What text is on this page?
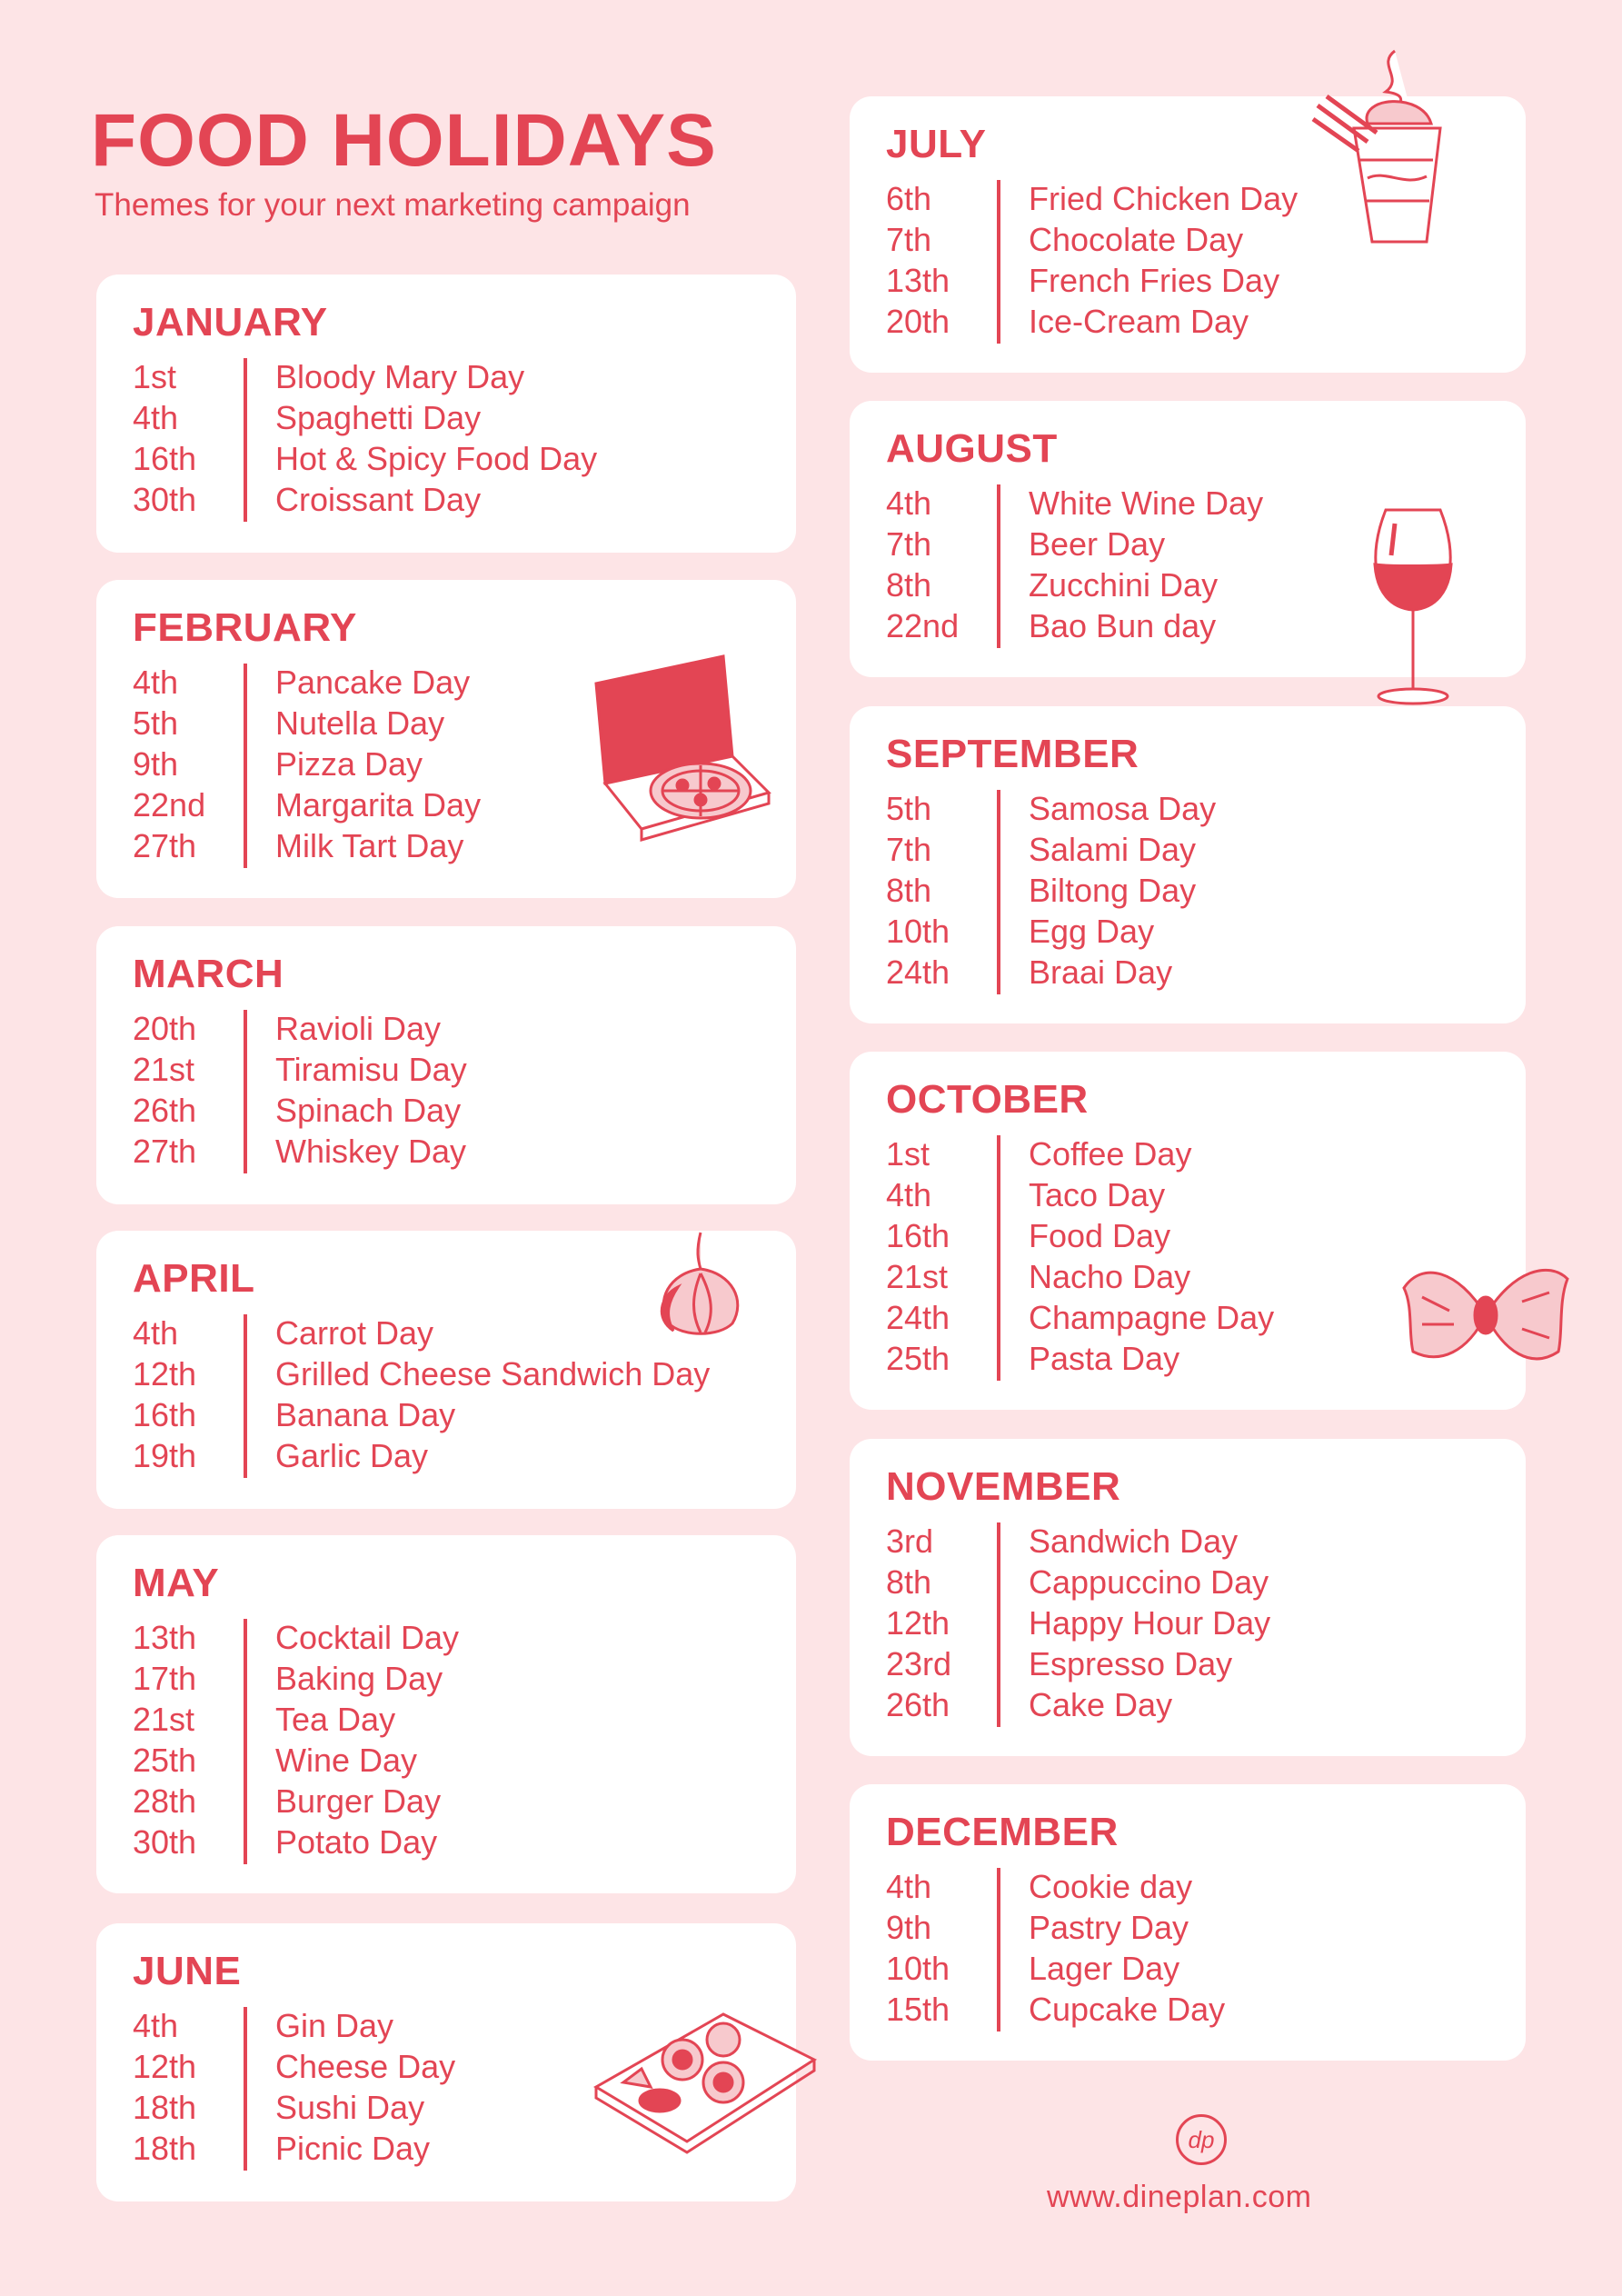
FOOD HOLIDAYS

Themes for your next marketing campaign

JANUARY
1st	Bloody Mary Day
4th	Spaghetti Day
16th	Hot & Spicy Food Day
30th	Croissant Day
FEBRUARY
4th	Pancake Day
5th	Nutella Day
9th	Pizza Day
22nd	Margarita Day
27th	Milk Tart Day
MARCH
20th	Ravioli Day
21st	Tiramisu Day
26th	Spinach Day
27th	Whiskey Day
APRIL
4th	Carrot Day
12th	Grilled Cheese Sandwich Day
16th	Banana Day
19th	Garlic Day
MAY
13th	Cocktail Day
17th	Baking Day
21st	Tea Day
25th	Wine Day
28th	Burger Day
30th	Potato Day
JUNE
4th	Gin Day
12th	Cheese Day
18th	Sushi Day
18th	Picnic Day
JULY
6th	Fried Chicken Day
7th	Chocolate Day
13th	French Fries Day
20th	Ice-Cream Day
AUGUST
4th	White Wine Day
7th	Beer Day
8th	Zucchini Day
22nd	Bao Bun day
SEPTEMBER
5th	Samosa Day
7th	Salami Day
8th	Biltong Day
10th	Egg Day
24th	Braai Day
OCTOBER
1st	Coffee Day
4th	Taco Day
16th	Food Day
21st	Nacho Day
24th	Champagne Day
25th	Pasta Day
NOVEMBER
3rd	Sandwich Day
8th	Cappuccino Day
12th	Happy Hour Day
23rd	Espresso Day
26th	Cake Day
DECEMBER
4th	Cookie day
9th	Pastry Day
10th	Lager Day
15th	Cupcake Day
dp
www.dineplan.com
